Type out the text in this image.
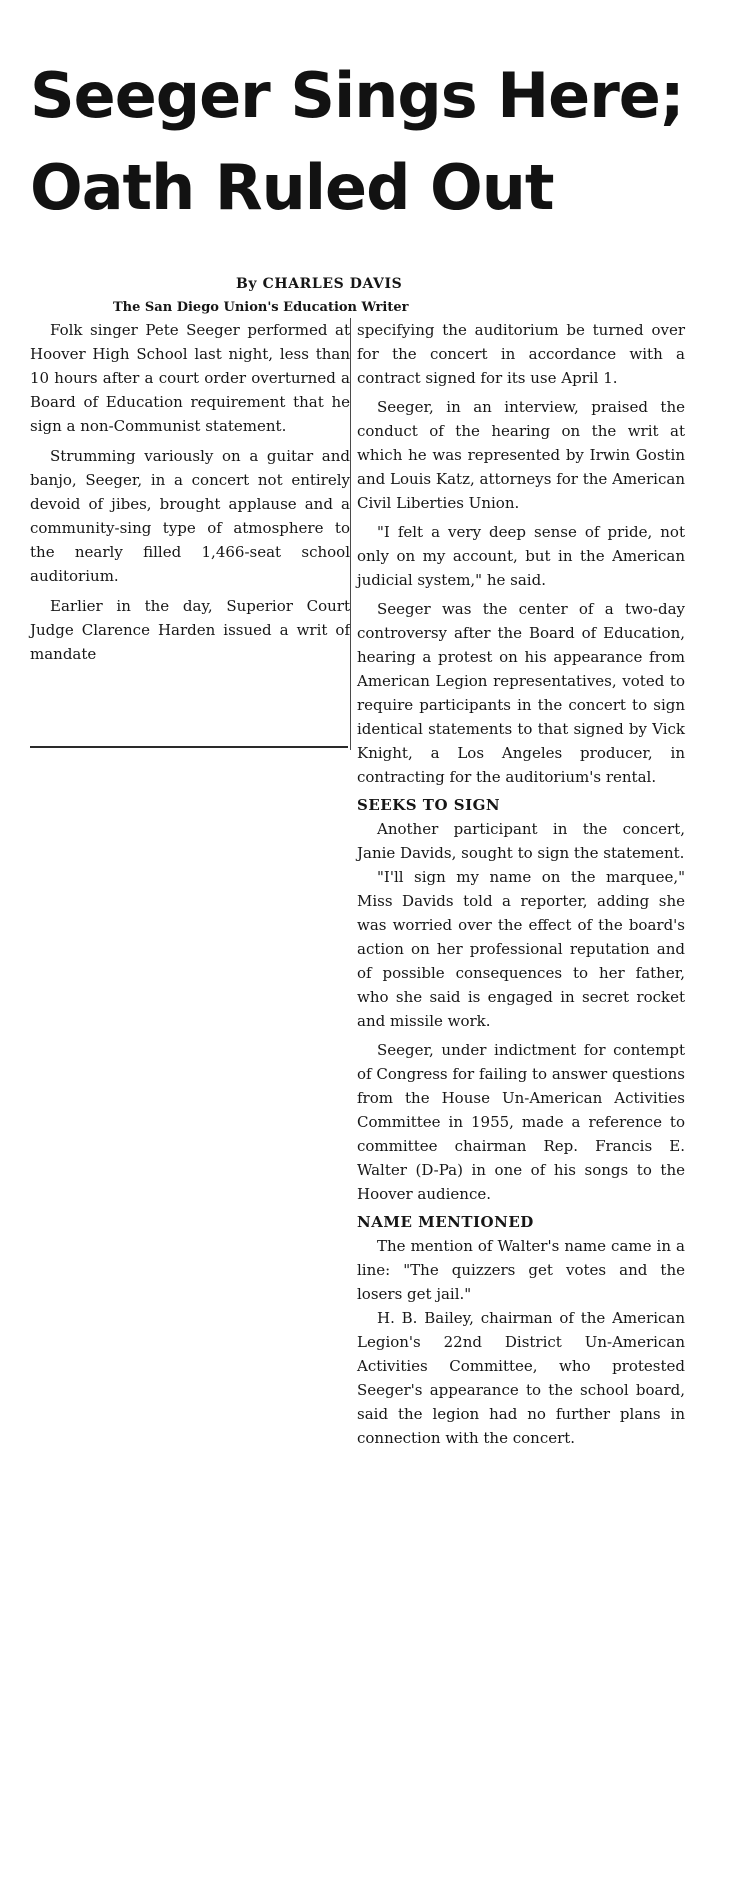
Seeger Sings Here;
Oath Ruled Out
By CHARLES DAVIS
The San Diego Union's Education Writer

Folk singer Pete Seeger performed at Hoover High School last night, less than 10 hours after a court order overturned a Board of Education requirement that he sign a non-Communist statement.

Strumming variously on a guitar and banjo, Seeger, in a concert not entirely devoid of jibes, brought applause and a community-sing type of atmosphere to the nearly filled 1,466-seat school auditorium.

Earlier in the day, Superior Court Judge Clarence Harden issued a writ of mandate

specifying the auditorium be turned over for the concert in accordance with a contract signed for its use April 1.

Seeger, in an interview, praised the conduct of the hearing on the writ at which he was represented by Irwin Gostin and Louis Katz, attorneys for the American Civil Liberties Union.

"I felt a very deep sense of pride, not only on my account, but in the American judicial system," he said.

Seeger was the center of a two-day controversy after the Board of Education, hearing a protest on his appearance from American Legion representatives, voted to require participants in the concert to sign identical statements to that signed by Vick Knight, a Los Angeles producer, in contracting for the auditorium's rental.

SEEKS TO SIGN

Another participant in the concert, Janie Davids, sought to sign the statement.

"I'll sign my name on the marquee," Miss Davids told a reporter, adding she was worried over the effect of the board's action on her professional reputation and of possible consequences to her father, who she said is engaged in secret rocket and missile work.

Seeger, under indictment for contempt of Congress for failing to answer questions from the House Un-American Activities Committee in 1955, made a reference to committee chairman Rep. Francis E. Walter (D-Pa) in one of his songs to the Hoover audience.

NAME MENTIONED

The mention of Walter's name came in a line: "The quizzers get votes and the losers get jail."

H. B. Bailey, chairman of the American Legion's 22nd District Un-American Activities Committee, who protested Seeger's appearance to the school board, said the legion had no further plans in connection with the concert.
